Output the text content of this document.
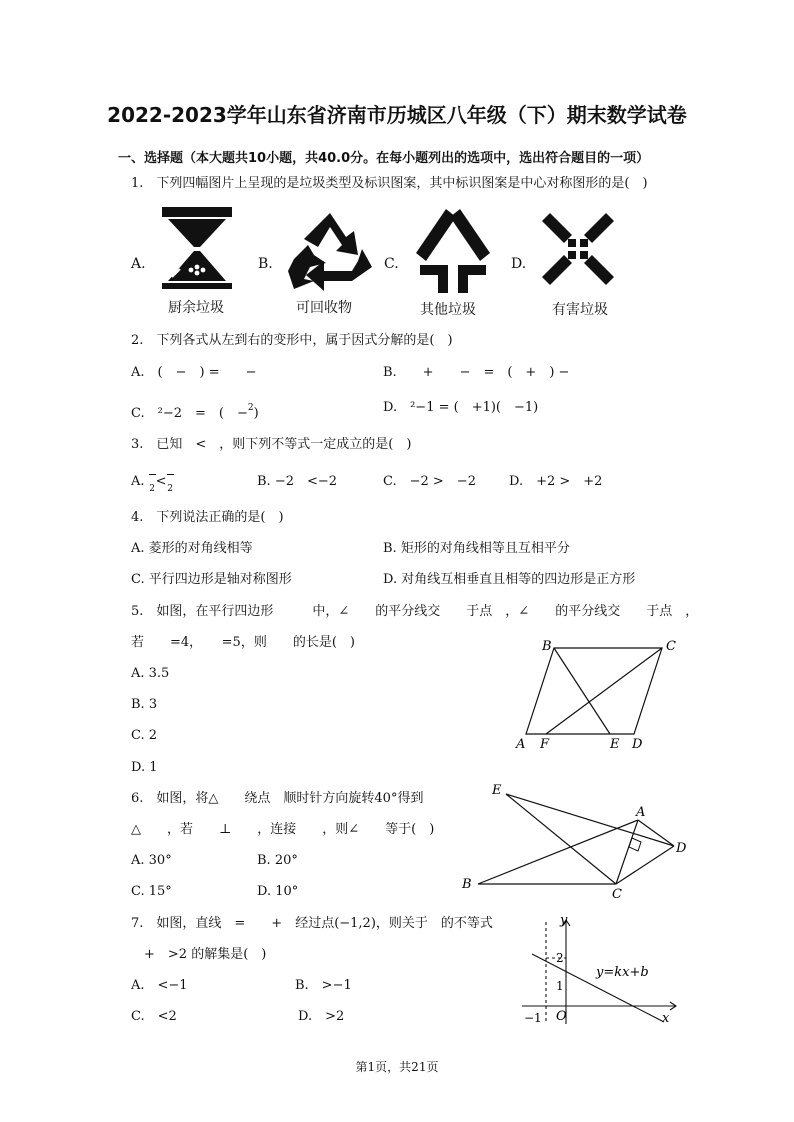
2022-2023学年山东省济南市历城区八年级（下）期末数学试卷
一、选择题（本大题共10小题，共40.0分。在每小题列出的选项中，选出符合题目的一项）
1.　下列四幅图片上呈现的是垃圾类型及标识图案，其中标识图案是中心对称图形的是(　)
A.	B.	C.	D.
厨余垃圾	可回收物	其他垃圾	有害垃圾
2.　下列各式从左到右的变形中，属于因式分解的是(　)
A.　(　−　) =　　−	B.　　+　　−　=　(　+　) −
C.　²−2　=　(　−2)	D.　²−1 = (　+1)(　−1)
3.　已知　<　，则下列不等式一定成立的是(　)
A. 2<2	B. −2　<−2	C.　−2 >　−2	D.　+2 >　+2
4.　下列说法正确的是(　)
A. 菱形的对角线相等	B. 矩形的对角线相等且互相平分
C. 平行四边形是轴对称图形	D. 对角线互相垂直且相等的四边形是正方形
5.　如图，在平行四边形　　　中，∠　　的平分线交　　于点　，∠　　的平分线交　　于点　，
若　　=4，　　=5，则　　的长是(　)
A. 3.5
B. 3
C. 2
D. 1
B	C
A F	E D
6.　如图，将△　　绕点　顺时针方向旋转40°得到
△　　，若　　⊥　　，连接　　，则∠　　等于(　)
A. 30°	B. 20°
C. 15°	D. 10°
E
A
D
B
C
7.　如图，直线　=　　+　经过点(−1,2)，则关于　的不等式
　+　>2 的解集是(　)
A.　<−1	B.　>−1
C.　<2	D.　>2
y
x
O
2
1
−1
y=kx+b
第1页，共21页
